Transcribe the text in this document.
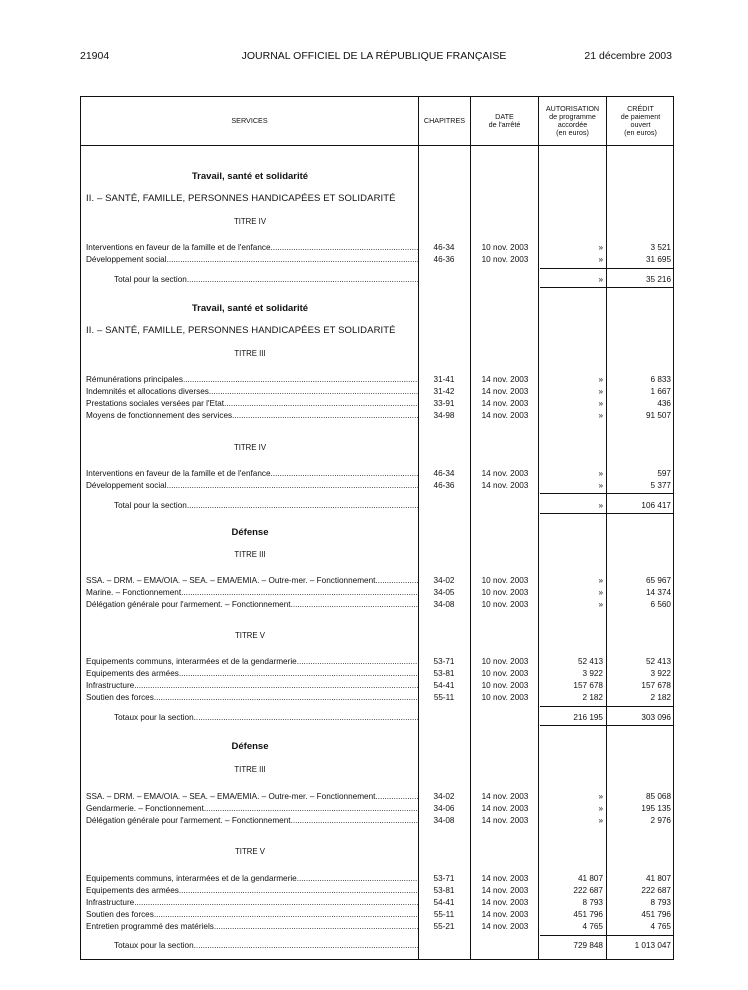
21904	JOURNAL OFFICIEL DE LA RÉPUBLIQUE FRANÇAISE	21 décembre 2003
SERVICES	CHAPITRES	DATE
de l'arrêté
AUTORISATION
de programme
accordée
(en euros)
CRÉDIT
de paiement
ouvert
(en euros)
Travail, santé et solidarité
II. – SANTÉ, FAMILLE, PERSONNES HANDICAPÉES ET SOLIDARITÉ
TITRE IV
Interventions en faveur de la famille et de l'enfance .....	46-34	10 nov. 2003	»	3 521
Développement social .....	46-36	10 nov. 2003	»	31 695
Total pour la section .....	»	35 216
Travail, santé et solidarité
II. – SANTÉ, FAMILLE, PERSONNES HANDICAPÉES ET SOLIDARITÉ
TITRE III
Rémunérations principales .....	31-41	14 nov. 2003	»	6 833
Indemnités et allocations diverses .....	31-42	14 nov. 2003	»	1 667
Prestations sociales versées par l'Etat .....	33-91	14 nov. 2003	»	436
Moyens de fonctionnement des services .....	34-98	14 nov. 2003	»	91 507
TITRE IV
Interventions en faveur de la famille et de l'enfance .....	46-34	14 nov. 2003	»	597
Développement social .....	46-36	14 nov. 2003	»	5 377
Total pour la section .....	»	106 417
Défense
TITRE III
SSA. – DRM. – EMA/OIA. – SEA. – EMA/EMIA. – Outre-mer. – Fonctionnement .....	34-02	10 nov. 2003	»	65 967
Marine. – Fonctionnement .....	34-05	10 nov. 2003	»	14 374
Délégation générale pour l'armement. – Fonctionnement .....	34-08	10 nov. 2003	»	6 560
TITRE V
Equipements communs, interarmées et de la gendarmerie .....	53-71	10 nov. 2003	52 413	52 413
Equipements des armées .....	53-81	10 nov. 2003	3 922	3 922
Infrastructure .....	54-41	10 nov. 2003	157 678	157 678
Soutien des forces .....	55-11	10 nov. 2003	2 182	2 182
Totaux pour la section .....	216 195	303 096
Défense
TITRE III
SSA. – DRM. – EMA/OIA. – SEA. – EMA/EMIA. – Outre-mer. – Fonctionnement .....	34-02	14 nov. 2003	»	85 068
Gendarmerie. – Fonctionnement .....	34-06	14 nov. 2003	»	195 135
Délégation générale pour l'armement. – Fonctionnement .....	34-08	14 nov. 2003	»	2 976
TITRE V
Equipements communs, interarmées et de la gendarmerie .....	53-71	14 nov. 2003	41 807	41 807
Equipements des armées .....	53-81	14 nov. 2003	222 687	222 687
Infrastructure .....	54-41	14 nov. 2003	8 793	8 793
Soutien des forces .....	55-11	14 nov. 2003	451 796	451 796
Entretien programmé des matériels .....	55-21	14 nov. 2003	4 765	4 765
Totaux pour la section .....	729 848	1 013 047
